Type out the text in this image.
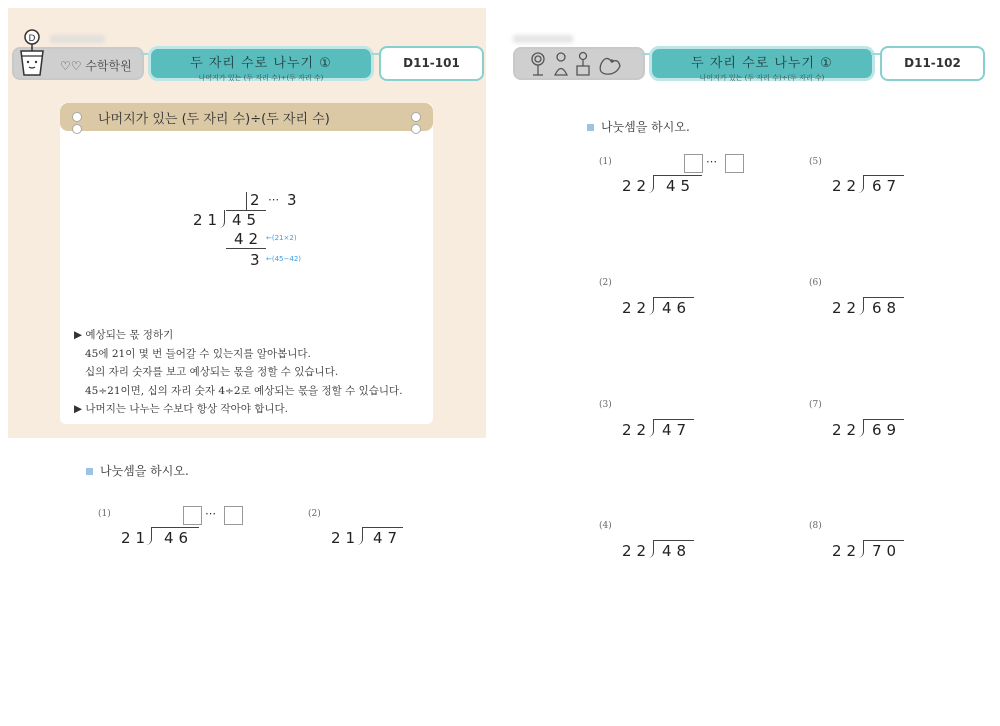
D
♡♡ 수학학원	두 자리 수로 나누기 ①
나머지가 있는 (두 자리 수)÷(두 자리 수)
D11-101
나머지가 있는 (두 자리 수)÷(두 자리 수)
2 ⋯ 3
21 45
42 ←(21×2)
3 ←(45−42)
▶ 예상되는 몫 정하기
45에 21이 몇 번 들어갈 수 있는지를 알아봅니다.
십의 자리 숫자를 보고 예상되는 몫을 정할 수 있습니다.
45÷21이면, 십의 자리 숫자 4÷2로 예상되는 몫을 정할 수 있습니다.
▶ 나머지는 나누는 수보다 항상 작아야 합니다.
나눗셈을 하시오.
(1)	⋯
21 46
(2)
21 47
두 자리 수로 나누기 ①
나머지가 있는 (두 자리 수)÷(두 자리 수)
D11-102
나눗셈을 하시오.
⋯
(1)
22 45
(2)
22 46
(3)
22 47
(4)
22 48
(5)
22 67
(6)
22 68
(7)
22 69
(8)
22 70
